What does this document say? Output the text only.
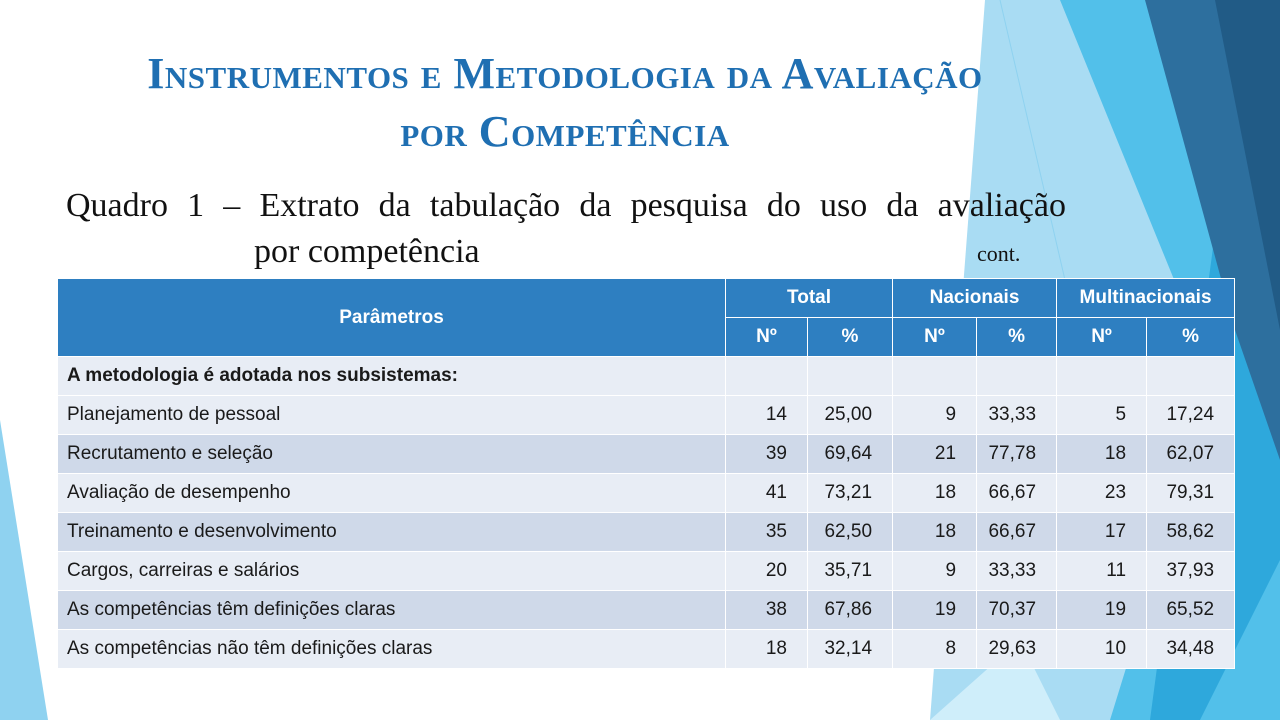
Instrumentos e Metodologia da Avaliação
por Competência
Quadro 1 – Extrato da tabulação da pesquisa do uso da avaliação
por competência	cont.
Parâmetros	Total		Nacionais		Multinacionais	
	Nº	%	Nº	%	Nº	%
A metodologia é adotada nos subsistemas:						
Planejamento de pessoal	14	25,00	9	33,33	5	17,24
Recrutamento e seleção	39	69,64	21	77,78	18	62,07
Avaliação de desempenho	41	73,21	18	66,67	23	79,31
Treinamento e desenvolvimento	35	62,50	18	66,67	17	58,62
Cargos, carreiras e salários	20	35,71	9	33,33	11	37,93
As competências têm definições claras	38	67,86	19	70,37	19	65,52
As competências não têm definições claras	18	32,14	8	29,63	10	34,48
